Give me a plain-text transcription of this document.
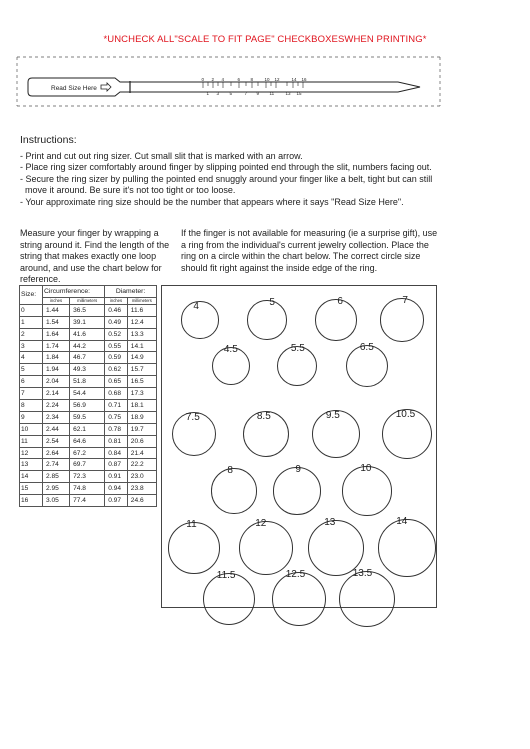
*UNCHECK ALL"SCALE TO FIT PAGE" CHECKBOXESWHEN PRINTING*
Read Size Here
0
1
2
3
4
5
6
7
8
9
10
11
12
13
14
15
16
Instructions:
- Print and cut out ring sizer. Cut small slit that is marked with an arrow.
- Place ring sizer comfortably around finger by slipping pointed end through the slit, numbers facing out.
- Secure the ring sizer by pulling the pointed end snuggly around your finger like a belt, tight but can still
move it around. Be sure it's not too tight or too loose.
- Your approximate ring size should be the number that appears where it says "Read Size Here".
Measure your finger by wrapping a string around it. Find the length of the string that makes exactly one loop around, and use the chart below for reference.
If the finger is not available for measuring (ie a surprise gift), use a ring from the individual's current jewelry collection. Place the ring on a circle within the chart below. The correct circle size should fit right against the inside edge of the ring.
Size:	Circumference:		Diameter:	
	inches	millimeters	inches	millimeters
0	1.44	36.5	0.46	11.6
1	1.54	39.1	0.49	12.4
2	1.64	41.6	0.52	13.3
3	1.74	44.2	0.55	14.1
4	1.84	46.7	0.59	14.9
5	1.94	49.3	0.62	15.7
6	2.04	51.8	0.65	16.5
7	2.14	54.4	0.68	17.3
8	2.24	56.9	0.71	18.1
9	2.34	59.5	0.75	18.9
10	2.44	62.1	0.78	19.7
11	2.54	64.6	0.81	20.6
12	2.64	67.2	0.84	21.4
13	2.74	69.7	0.87	22.2
14	2.85	72.3	0.91	23.0
15	2.95	74.8	0.94	23.8
16	3.05	77.4	0.97	24.6
4	5	6	7
4.5	5.5	6.5
7.5	8.5	9.5	10.5
8	9	10
11	12	13	14
11.5	12.5	13.5
